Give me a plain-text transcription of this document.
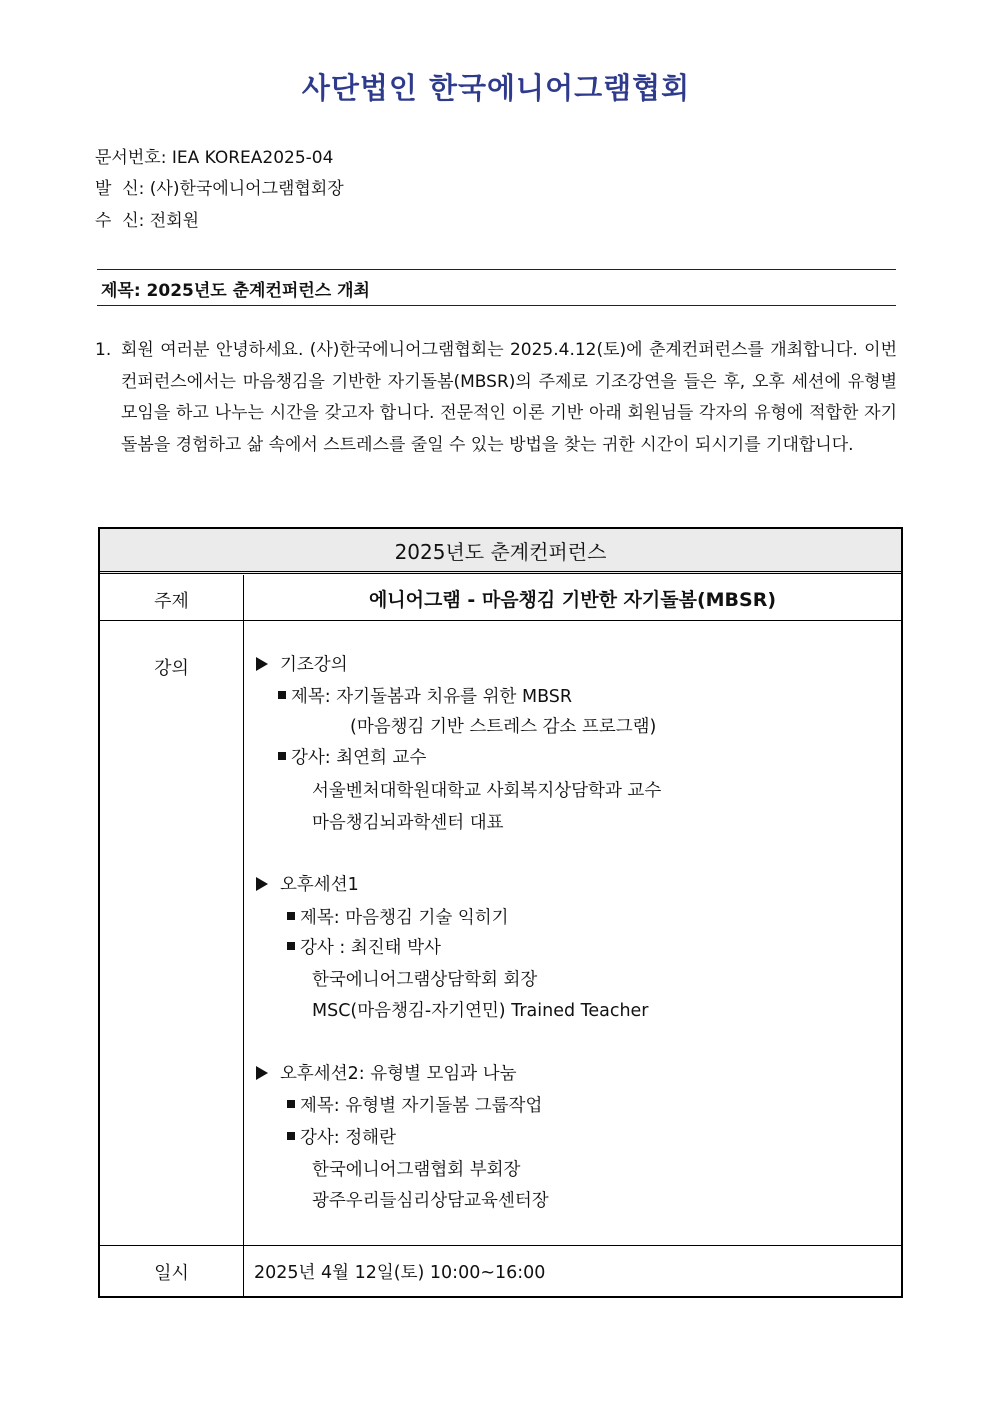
사단법인 한국에니어그램협회
문서번호: IEA KOREA2025-04
발  신: (사)한국에니어그램협회장
수  신: 전회원
제목: 2025년도 춘계컨퍼런스 개최
1. 회원 여러분 안녕하세요. (사)한국에니어그램협회는 2025.4.12(토)에 춘계컨퍼런스를 개최합니다. 이번 컨퍼런스에서는 마음챙김을 기반한 자기돌봄(MBSR)의 주제로 기조강연을 들은 후, 오후 세션에 유형별 모임을 하고 나누는 시간을 갖고자 합니다. 전문적인 이론 기반 아래 회원님들 각자의 유형에 적합한 자기돌봄을 경험하고 삶 속에서 스트레스를 줄일 수 있는 방법을 찾는 귀한 시간이 되시기를 기대합니다.
2025년도 춘계컨퍼런스
주제	에니어그램 - 마음챙김 기반한 자기돌봄(MBSR)
강의	기조강의
제목: 자기돌봄과 치유를 위한 MBSR
(마음챙김 기반 스트레스 감소 프로그램)
강사: 최연희 교수
서울벤처대학원대학교 사회복지상담학과 교수
마음챙김뇌과학센터 대표
오후세션1
제목: 마음챙김 기술 익히기
강사 : 최진태 박사
한국에니어그램상담학회 회장
MSC(마음챙김-자기연민) Trained Teacher
오후세션2: 유형별 모임과 나눔
제목: 유형별 자기돌봄 그룹작업
강사: 정해란
한국에니어그램협회 부회장
광주우리들심리상담교육센터장
일시	2025년 4월 12일(토) 10:00~16:00
